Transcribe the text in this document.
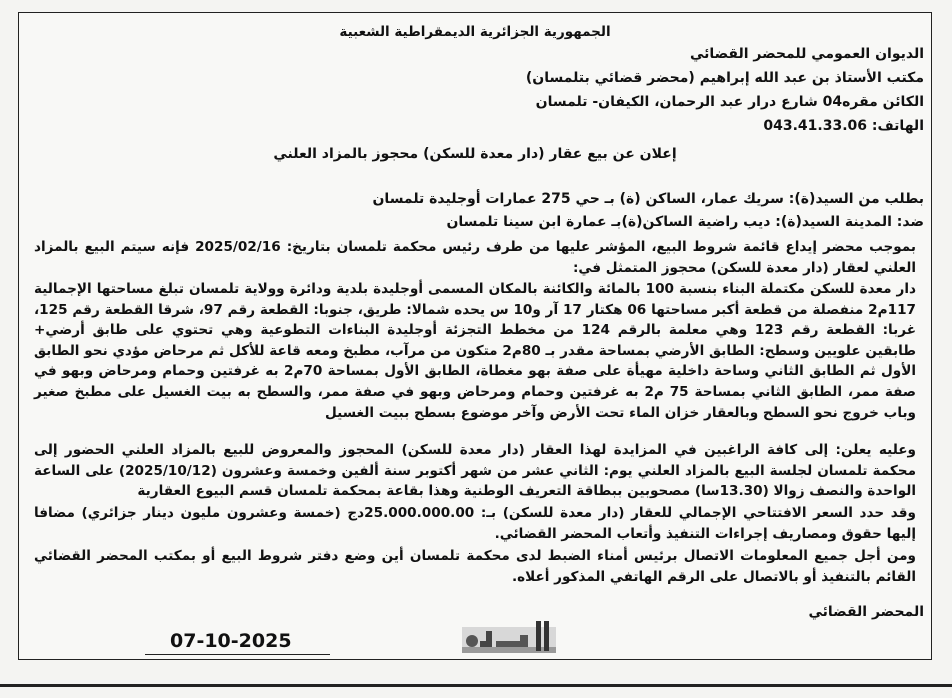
الجمهورية الجزائرية الديمقراطية الشعبية
الديوان العمومي للمحضر القضائي
مكتب الأستاذ بن عبد الله إبراهيم (محضر قضائي بتلمسان)
الكائن مقره04 شارع درار عبد الرحمان، الكيفان- تلمسان
الهاتف: 043.41.33.06
إعلان عن بيع عقار (دار معدة للسكن) محجوز بالمزاد العلني
بطلب من السيد(ة): سريك عمار، الساكن (ة) بـ حي 275 عمارات أوجليدة تلمسان
ضد: المدينة السيد(ة): ديب راضية الساكن(ة)بـ عمارة ابن سينا تلمسان
بموجب محضر إيداع قائمة شروط البيع، المؤشر عليها من طرف رئيس محكمة تلمسان بتاريخ: 2025/02/16 فإنه سيتم البيع بالمزاد العلني لعقار (دار معدة للسكن) محجوز المتمثل في:
دار معدة للسكن مكتملة البناء بنسبة 100 بالمائة والكائنة بالمكان المسمى أوجليدة بلدية ودائرة وولاية تلمسان تبلغ مساحتها الإجمالية 117م2 منفصلة من قطعة أكبر مساحتها 06 هكتار 17 آر و10 س يحده شمالا: طريق، جنوبا: القطعة رقم 97، شرقا القطعة رقم 125، غربا: القطعة رقم 123 وهي معلمة بالرقم 124 من مخطط التجزئة أوجليدة البناءات التطوعية وهي تحتوي على طابق أرضي+ طابقين علويين وسطح: الطابق الأرضي بمساحة مقدر بـ 80م2 متكون من مرآب، مطبخ ومعه قاعة للأكل ثم مرحاض مؤدي نحو الطابق الأول ثم الطابق الثاني وساحة داخلية مهيأة على صفة بهو مغطاة، الطابق الأول بمساحة 70م2 به غرفتين وحمام ومرحاض وبهو في صفة ممر، الطابق الثاني بمساحة 75 م2 به غرفتين وحمام ومرحاض وبهو في صفة ممر، والسطح به بيت الغسيل على مطبخ صغير وباب خروج نحو السطح وبالعقار خزان الماء تحت الأرض وآخر موضوع بسطح ببيت الغسيل
وعليه يعلن: إلى كافة الراغبين في المزايدة لهذا العقار (دار معدة للسكن) المحجوز والمعروض للبيع بالمزاد العلني الحضور إلى محكمة تلمسان لجلسة البيع بالمزاد العلني يوم: الثاني عشر من شهر أكتوبر سنة ألفين وخمسة وعشرون (2025/10/12) على الساعة الواحدة والنصف زوالا (13.30سا) مصحوبين ببطاقة التعريف الوطنية وهذا بقاعة بمحكمة تلمسان قسم البيوع العقارية
وقد حدد السعر الافتتاحي الإجمالي للعقار (دار معدة للسكن) بـ: 25.000.000.00دج (خمسة وعشرون مليون دينار جزائري) مضافا إليها حقوق ومصاريف إجراءات التنفيذ وأتعاب المحضر القضائي.
ومن أجل جميع المعلومات الاتصال برئيس أمناء الضبط لدى محكمة تلمسان أين وضع دفتر شروط البيع أو بمكتب المحضر القضائي القائم بالتنفيذ أو بالاتصال على الرقم الهاتفي المذكور أعلاه.
المحضر القضائي
07-10-2025
